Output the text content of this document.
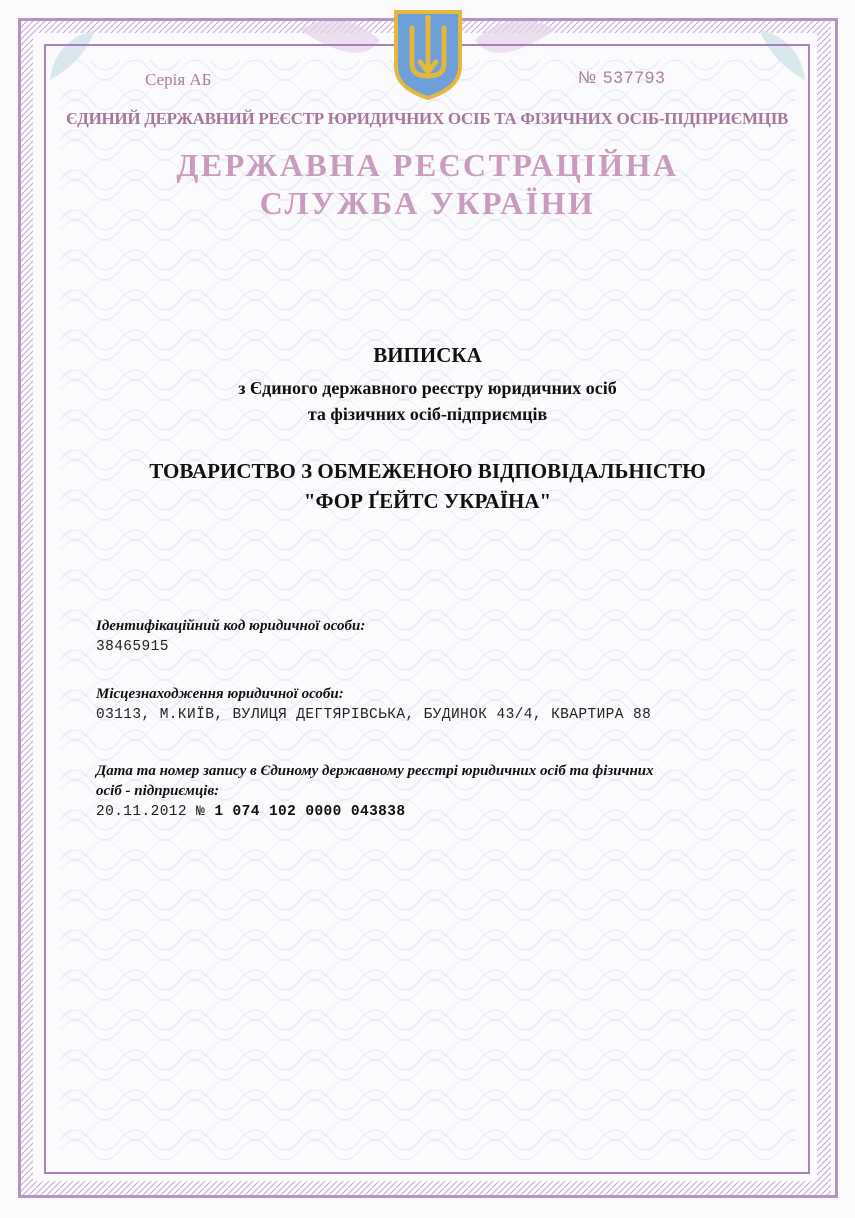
Серія АБ	№ 537793
ЄДИНИЙ ДЕРЖАВНИЙ РЕЄСТР ЮРИДИЧНИХ ОСІБ ТА ФІЗИЧНИХ ОСІБ-ПІДПРИЄМЦІВ
ДЕРЖАВНА РЕЄСТРАЦІЙНА
СЛУЖБА УКРАЇНИ
ВИПИСКА
з Єдиного державного реєстру юридичних осіб
та фізичних осіб-підприємців
ТОВАРИСТВО З ОБМЕЖЕНОЮ ВІДПОВІДАЛЬНІСТЮ
"ФОР ҐЕЙТС УКРАЇНА"
Ідентифікаційний код юридичної особи:
38465915
Місцезнаходження юридичної особи:
03113, М.КИЇВ, ВУЛИЦЯ ДЕГТЯРІВСЬКА, БУДИНОК 43/4, КВАРТИРА 88
Дата та номер запису в Єдиному державному реєстрі юридичних осіб та фізичних
осіб - підприємців:
20.11.2012 № 1 074 102 0000 043838
